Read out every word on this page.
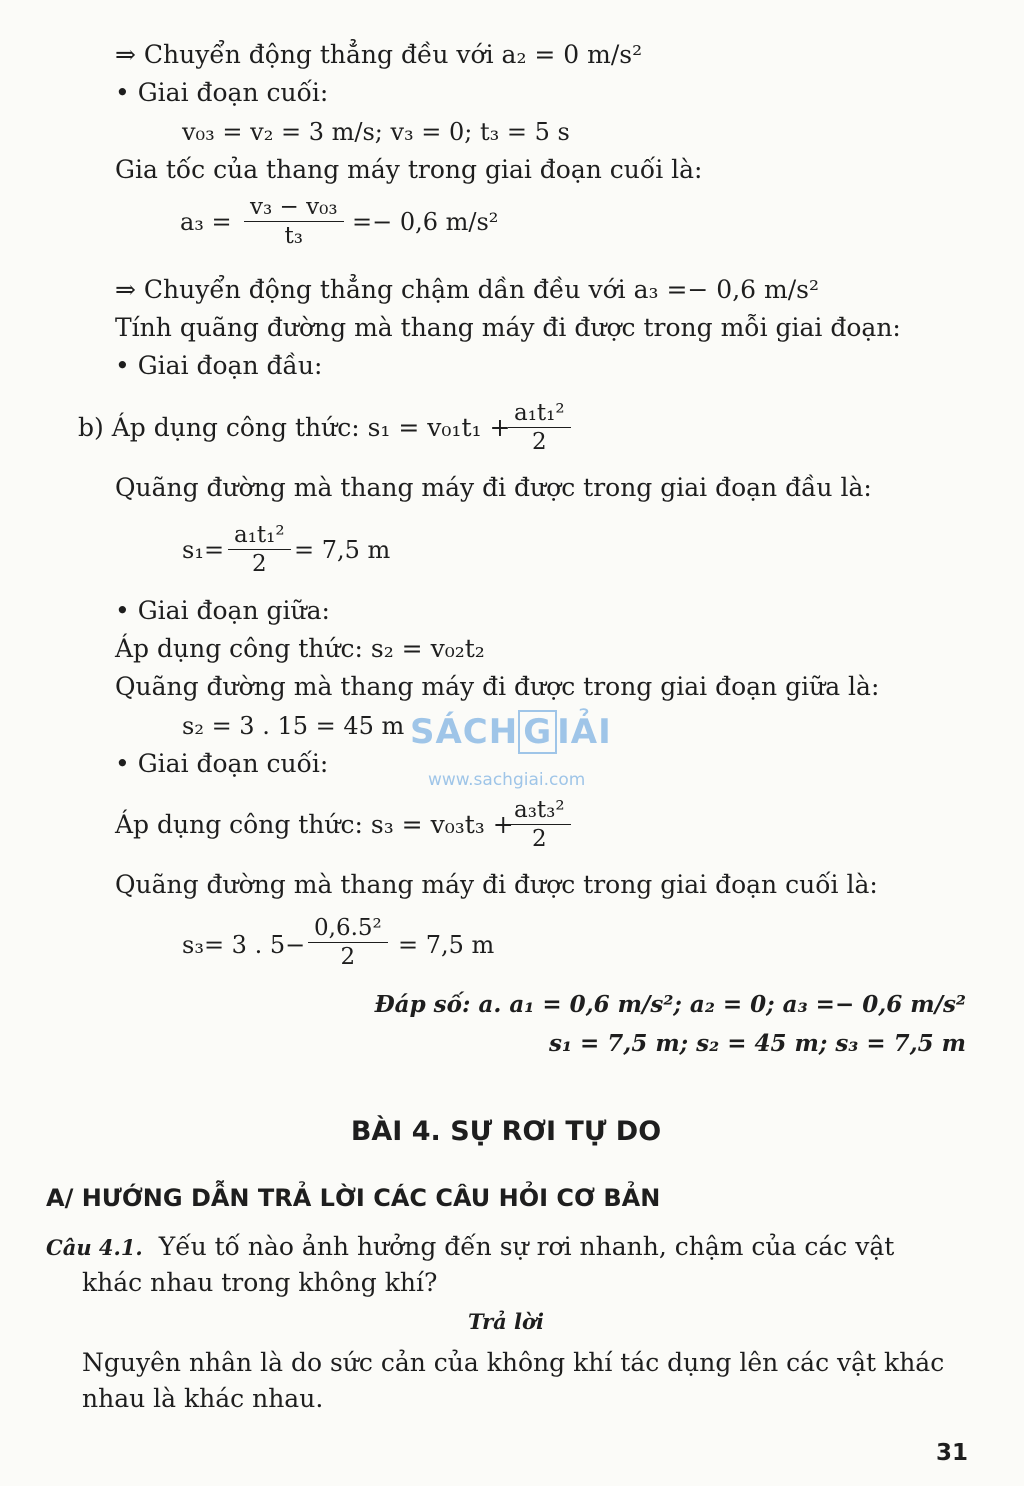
⇒ Chuyển động thẳng đều với a₂ = 0 m/s²
• Giai đoạn cuối:
v₀₃ = v₂ = 3 m/s; v₃ = 0; t₃ = 5 s
Gia tốc của thang máy trong giai đoạn cuối là:
a₃ =
v₃ − v₀₃
t₃ =− 0,6 m/s²
⇒ Chuyển động thẳng chậm dần đều với a₃ =− 0,6 m/s²
Tính quãng đường mà thang máy đi được trong mỗi giai đoạn:
• Giai đoạn đầu:
b) Áp dụng công thức: s₁ = v₀₁t₁ + a₁t₁²
2
Quãng đường mà thang máy đi được trong giai đoạn đầu là:
s₁=
a₁t₁²
2 = 7,5 m
• Giai đoạn giữa:
Áp dụng công thức: s₂ = v₀₂t₂
Quãng đường mà thang máy đi được trong giai đoạn giữa là:
s₂ = 3 . 15 = 45 m SÁCH G IẢI
www.sachgiai.com
• Giai đoạn cuối:
Áp dụng công thức: s₃ = v₀₃t₃ + a₃t₃²
2
Quãng đường mà thang máy đi được trong giai đoạn cuối là:
s₃= 3 . 5−
0,6.5²
2 = 7,5 m
Đáp số: a. a₁ = 0,6 m/s²; a₂ = 0; a₃ =− 0,6 m/s²
s₁ = 7,5 m; s₂ = 45 m; s₃ = 7,5 m
BÀI 4. SỰ RƠI TỰ DO
A/ HƯỚNG DẪN TRẢ LỜI CÁC CÂU HỎI CƠ BẢN
Câu 4.1. Yếu tố nào ảnh hưởng đến sự rơi nhanh, chậm của các vật
khác nhau trong không khí?
Trả lời
Nguyên nhân là do sức cản của không khí tác dụng lên các vật khác
nhau là khác nhau.
31
